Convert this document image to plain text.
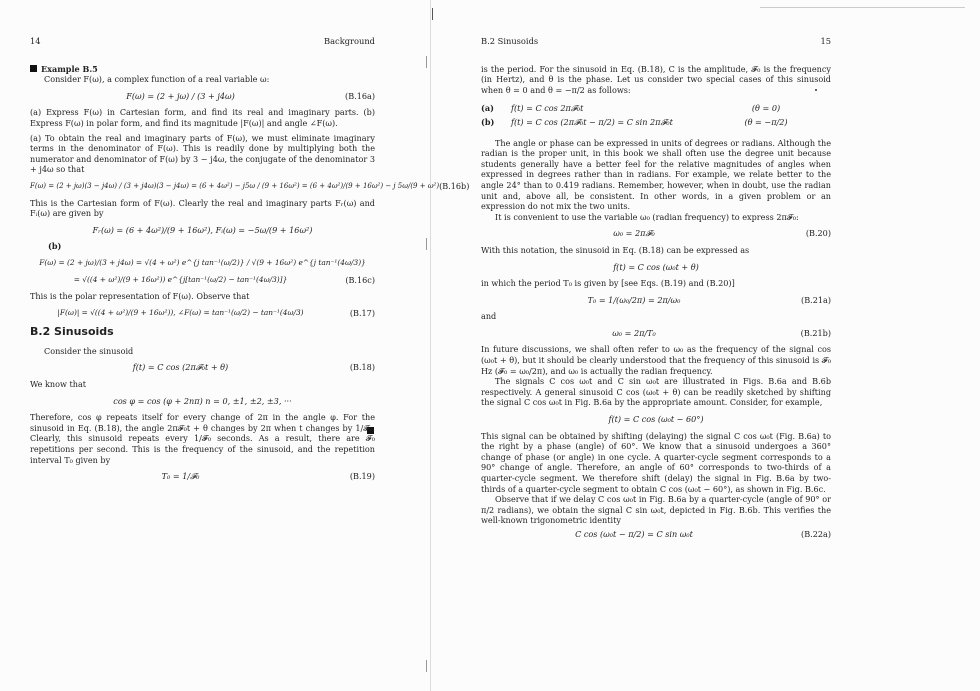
14	Background
Example B.5

Consider F(ω), a complex function of a real variable ω:

F(ω) = (2 + jω) / (3 + j4ω)	(B.16a)

(a) Express F(ω) in Cartesian form, and find its real and imaginary parts. (b) Express F(ω) in polar form, and find its magnitude |F(ω)| and angle ∠F(ω).

(a) To obtain the real and imaginary parts of F(ω), we must eliminate imaginary terms in the denominator of F(ω). This is readily done by multiplying both the numerator and denominator of F(ω) by 3 − j4ω, the conjugate of the denominator 3 + j4ω so that

F(ω) = (2 + jω)(3 − j4ω) / (3 + j4ω)(3 − j4ω) = (6 + 4ω²) − j5ω / (9 + 16ω²) = (6 + 4ω²)/(9 + 16ω²) − j 5ω/(9 + ω²) (B.16b)

This is the Cartesian form of F(ω). Clearly the real and imaginary parts Fᵣ(ω) and Fᵢ(ω) are given by

Fᵣ(ω) = (6 + 4ω²)/(9 + 16ω²), Fᵢ(ω) = −5ω/(9 + 16ω²)

(b)

F(ω) = (2 + jω)/(3 + j4ω) = √(4 + ω²) e^{j tan⁻¹(ω/2)} / √(9 + 16ω²) e^{j tan⁻¹(4ω/3)}
= √((4 + ω²)/(9 + 16ω²)) e^{j[tan⁻¹(ω/2) − tan⁻¹(4ω/3)]}	(B.16c)

This is the polar representation of F(ω). Observe that

|F(ω)| = √((4 + ω²)/(9 + 16ω²)), ∠F(ω) = tan⁻¹(ω/2) − tan⁻¹(4ω/3)	(B.17)
B.2 Sinusoids

Consider the sinusoid

f(t) = C cos (2π𝓕₀t + θ)	(B.18)

We know that

cos φ = cos (φ + 2nπ) n = 0, ±1, ±2, ±3, ···

Therefore, cos φ repeats itself for every change of 2π in the angle φ. For the sinusoid in Eq. (B.18), the angle 2π𝓕₀t + θ changes by 2π when t changes by 1/𝓕₀. Clearly, this sinusoid repeats every 1/𝓕₀ seconds. As a result, there are 𝓕₀ repetitions per second. This is the frequency of the sinusoid, and the repetition interval T₀ given by

T₀ = 1/𝓕₀	(B.19)
B.2 Sinusoids	15

is the period. For the sinusoid in Eq. (B.18), C is the amplitude, 𝓕₀ is the frequency (in Hertz), and θ is the phase. Let us consider two special cases of this sinusoid when θ = 0 and θ = −π/2 as follows:

(a)	f(t) = C cos 2π𝓕₀t	(θ = 0)
(b)	f(t) = C cos (2π𝓕₀t − π/2) = C sin 2π𝓕₀t	(θ = −π/2)

The angle or phase can be expressed in units of degrees or radians. Although the radian is the proper unit, in this book we shall often use the degree unit because students generally have a better feel for the relative magnitudes of angles when expressed in degrees rather than in radians. For example, we relate better to the angle 24° than to 0.419 radians. Remember, however, when in doubt, use the radian unit and, above all, be consistent. In other words, in a given problem or an expression do not mix the two units.

It is convenient to use the variable ω₀ (radian frequency) to express 2π𝓕₀:

ω₀ = 2π𝓕₀	(B.20)

With this notation, the sinusoid in Eq. (B.18) can be expressed as

f(t) = C cos (ω₀t + θ)

in which the period T₀ is given by [see Eqs. (B.19) and (B.20)]

T₀ = 1/(ω₀/2π) = 2π/ω₀	(B.21a)

and

ω₀ = 2π/T₀	(B.21b)

In future discussions, we shall often refer to ω₀ as the frequency of the signal cos (ω₀t + θ), but it should be clearly understood that the frequency of this sinusoid is 𝓕₀ Hz (𝓕₀ = ω₀/2π), and ω₀ is actually the radian frequency.

The signals C cos ω₀t and C sin ω₀t are illustrated in Figs. B.6a and B.6b respectively. A general sinusoid C cos (ω₀t + θ) can be readily sketched by shifting the signal C cos ω₀t in Fig. B.6a by the appropriate amount. Consider, for example,

f(t) = C cos (ω₀t − 60°)

This signal can be obtained by shifting (delaying) the signal C cos ω₀t (Fig. B.6a) to the right by a phase (angle) of 60°. We know that a sinusoid undergoes a 360° change of phase (or angle) in one cycle. A quarter-cycle segment corresponds to a 90° change of angle. Therefore, an angle of 60° corresponds to two-thirds of a quarter-cycle segment. We therefore shift (delay) the signal in Fig. B.6a by two-thirds of a quarter-cycle segment to obtain C cos (ω₀t − 60°), as shown in Fig. B.6c.

Observe that if we delay C cos ω₀t in Fig. B.6a by a quarter-cycle (angle of 90° or π/2 radians), we obtain the signal C sin ω₀t, depicted in Fig. B.6b. This verifies the well-known trigonometric identity

C cos (ω₀t − π/2) = C sin ω₀t	(B.22a)
